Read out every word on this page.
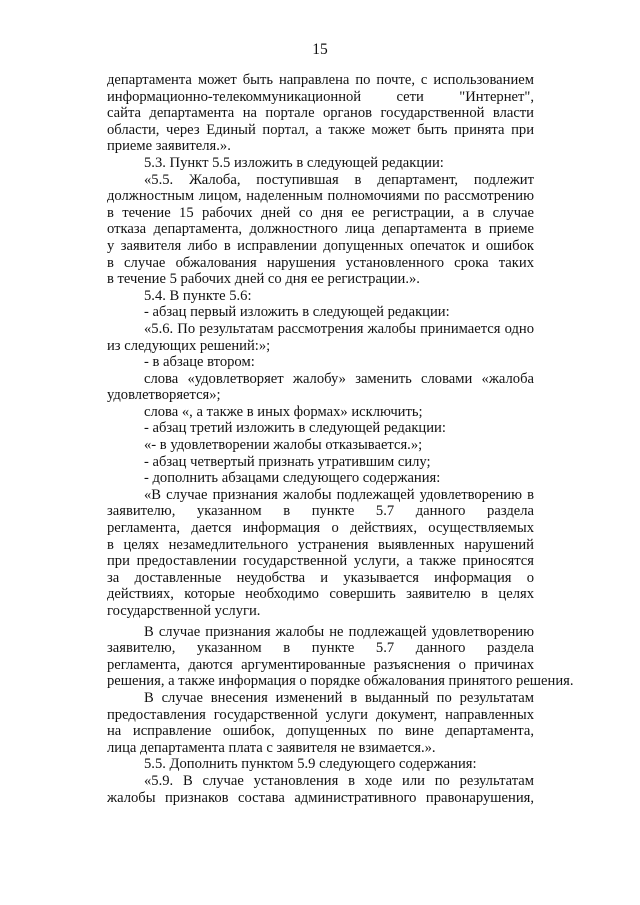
15
департамента может быть направлена по почте, с использованием
информационно-телекоммуникационной сети "Интернет",
сайта департамента на портале органов государственной власти
области, через Единый портал, а также может быть принята при
приеме заявителя.».
5.3. Пункт 5.5 изложить в следующей редакции:
«5.5. Жалоба, поступившая в департамент, подлежит
должностным лицом, наделенным полномочиями по рассмотрению
в течение 15 рабочих дней со дня ее регистрации, а в случае
отказа департамента, должностного лица департамента в приеме
у заявителя либо в исправлении допущенных опечаток и ошибок
в случае обжалования нарушения установленного срока таких
в течение 5 рабочих дней со дня ее регистрации.».
5.4. В пункте 5.6:
- абзац первый изложить в следующей редакции:
«5.6. По результатам рассмотрения жалобы принимается одно
из следующих решений:»;
- в абзаце втором:
слова «удовлетворяет жалобу» заменить словами «жалоба
удовлетворяется»;
слова «, а также в иных формах» исключить;
- абзац третий изложить в следующей редакции:
«- в удовлетворении жалобы отказывается.»;
- абзац четвертый признать утратившим силу;
- дополнить абзацами следующего содержания:
«В случае признания жалобы подлежащей удовлетворению в
заявителю, указанном в пункте 5.7 данного раздела
регламента, дается информация о действиях, осуществляемых
в целях незамедлительного устранения выявленных нарушений
при предоставлении государственной услуги, а также приносятся
за доставленные неудобства и указывается информация о
действиях, которые необходимо совершить заявителю в целях
государственной услуги.
В случае признания жалобы не подлежащей удовлетворению
заявителю, указанном в пункте 5.7 данного раздела
регламента, даются аргументированные разъяснения о причинах
решения, а также информация о порядке обжалования принятого решения.
В случае внесения изменений в выданный по результатам
предоставления государственной услуги документ, направленных
на исправление ошибок, допущенных по вине департамента,
лица департамента плата с заявителя не взимается.».
5.5. Дополнить пунктом 5.9 следующего содержания:
«5.9. В случае установления в ходе или по результатам
жалобы признаков состава административного правонарушения,
